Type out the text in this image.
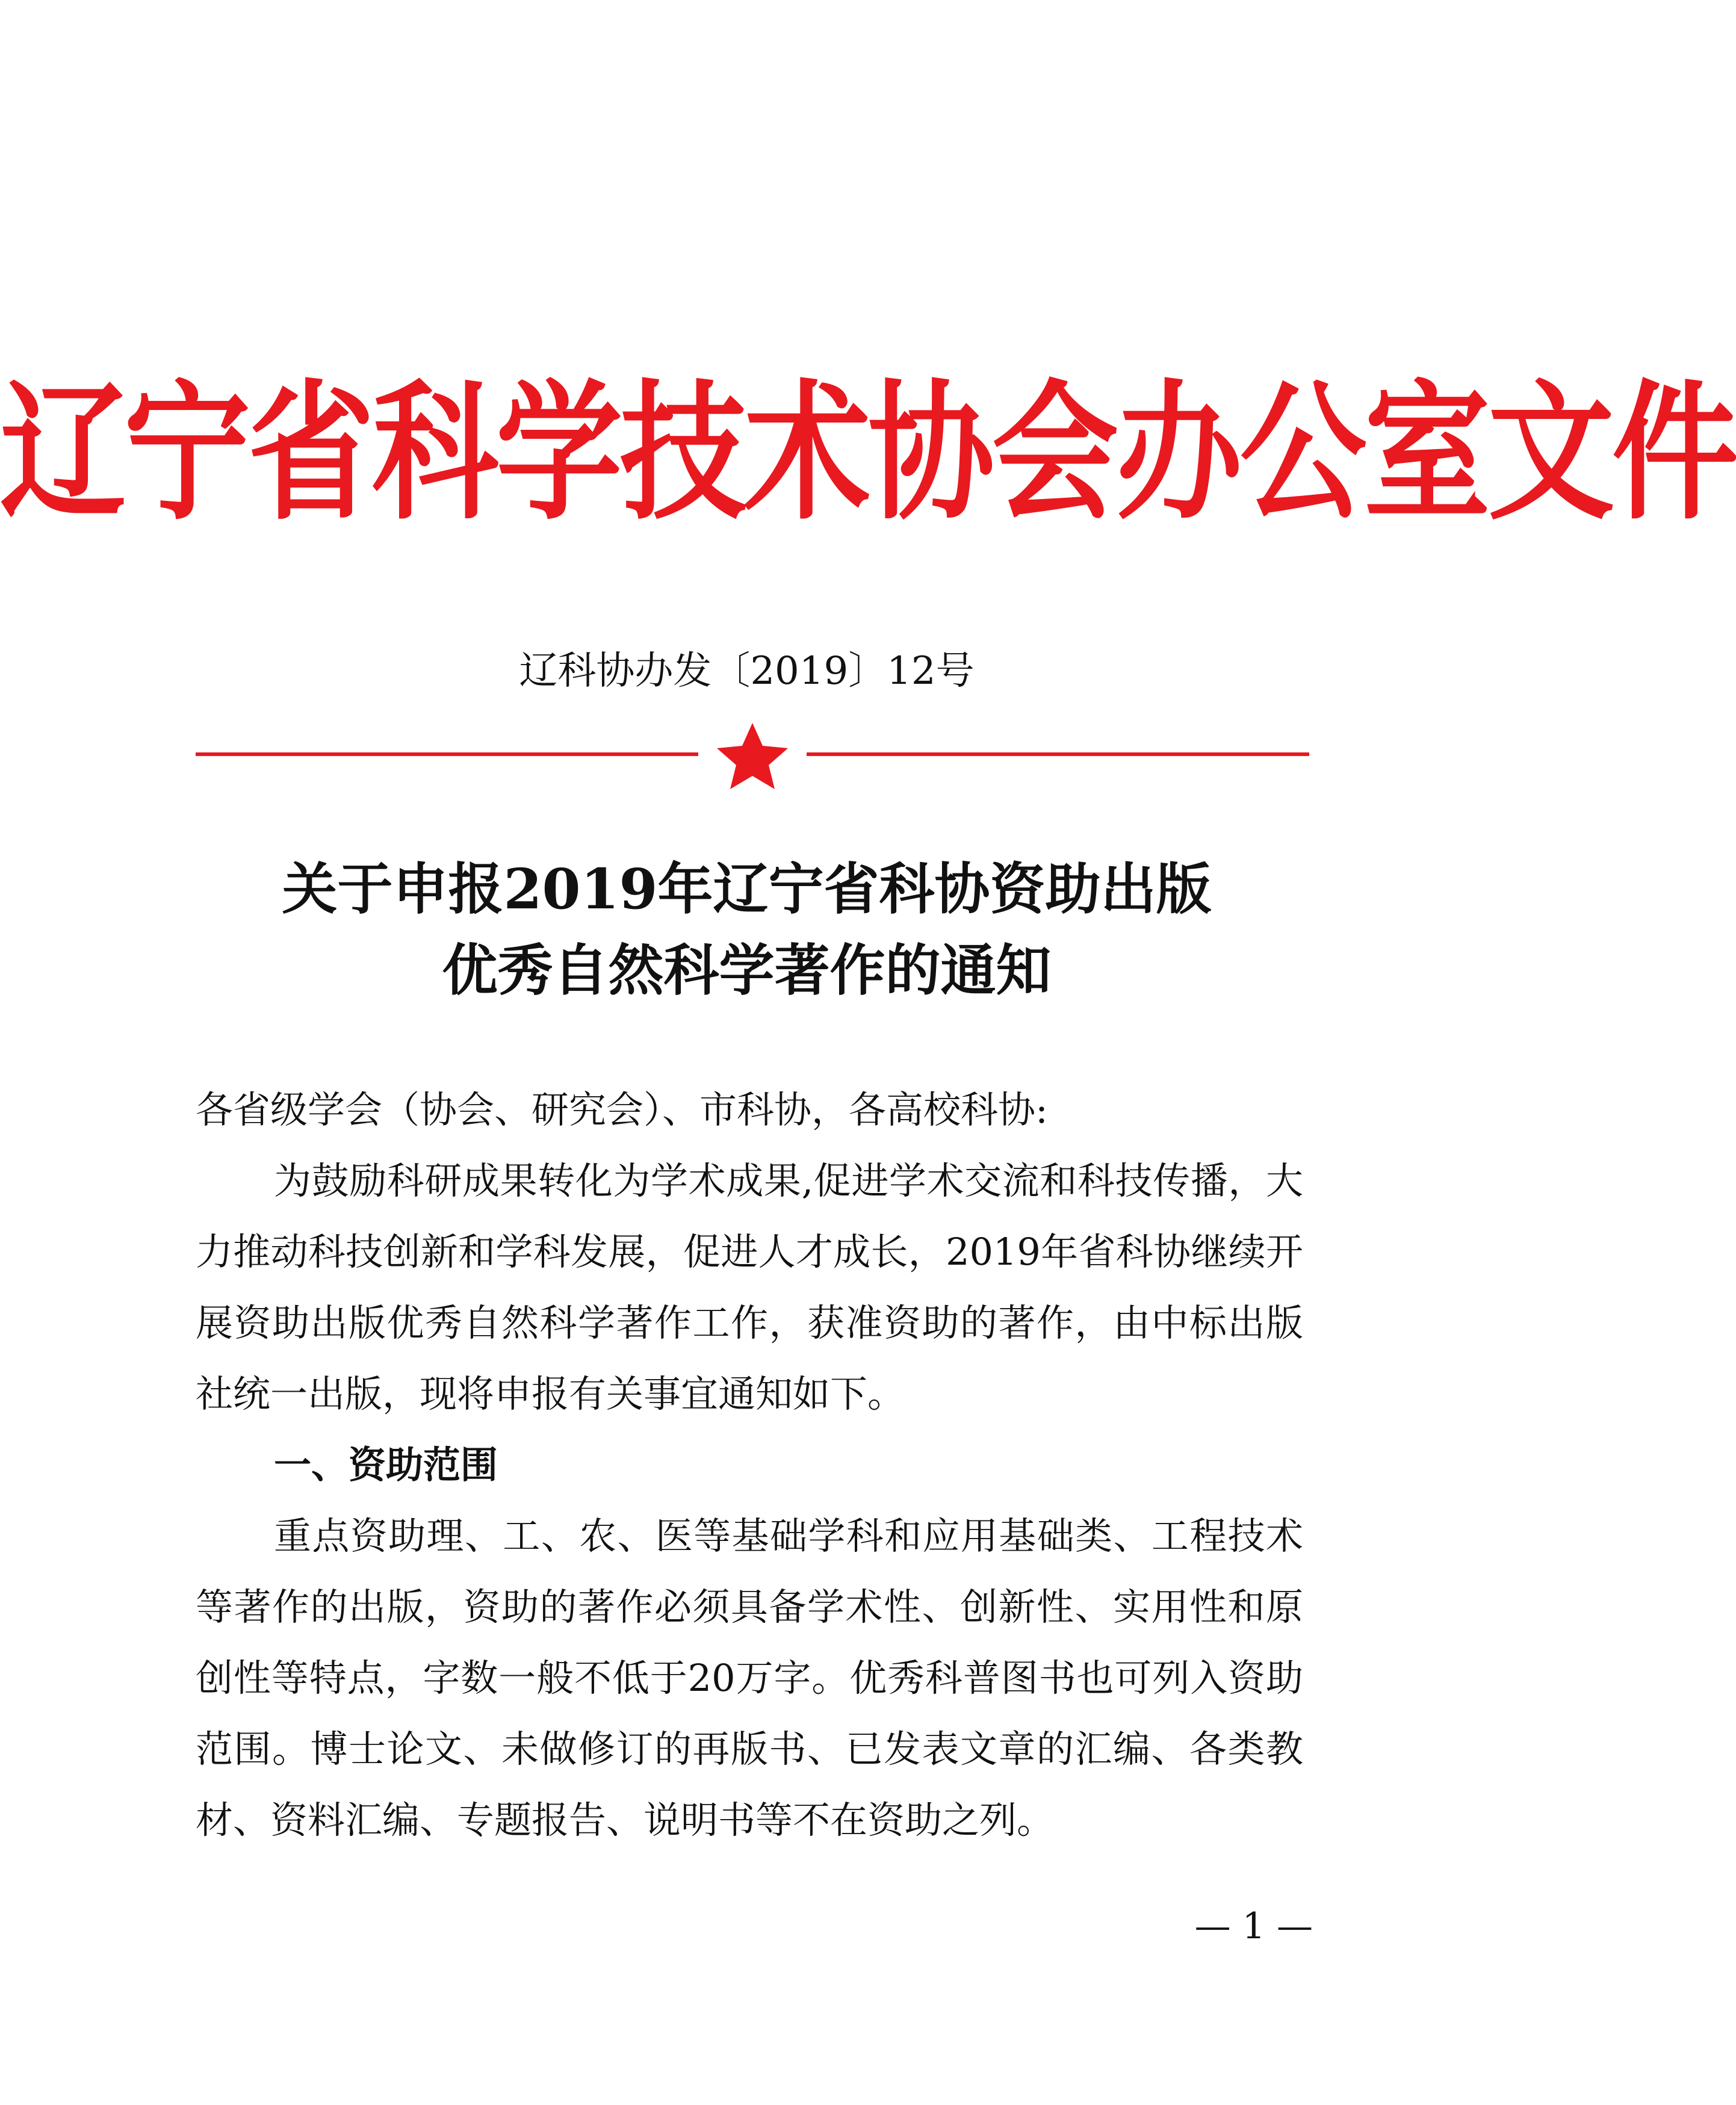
辽宁省科学技术协会办公室文件
辽科协办发〔2019〕12号
关于申报2019年辽宁省科协资助出版
优秀自然科学著作的通知

各省级学会（协会、研究会）、市科协，各高校科协:

为鼓励科研成果转化为学术成果,促进学术交流和科技传播，大力推动科技创新和学科发展，促进人才成长，2019年省科协继续开展资助出版优秀自然科学著作工作，获准资助的著作，由中标出版社统一出版，现将申报有关事宜通知如下。

一、资助范围

重点资助理、工、农、医等基础学科和应用基础类、工程技术等著作的出版，资助的著作必须具备学术性、创新性、实用性和原创性等特点，字数一般不低于20万字。优秀科普图书也可列入资助范围。博士论文、未做修订的再版书、已发表文章的汇编、各类教材、资料汇编、专题报告、说明书等不在资助之列。

— 1 —
